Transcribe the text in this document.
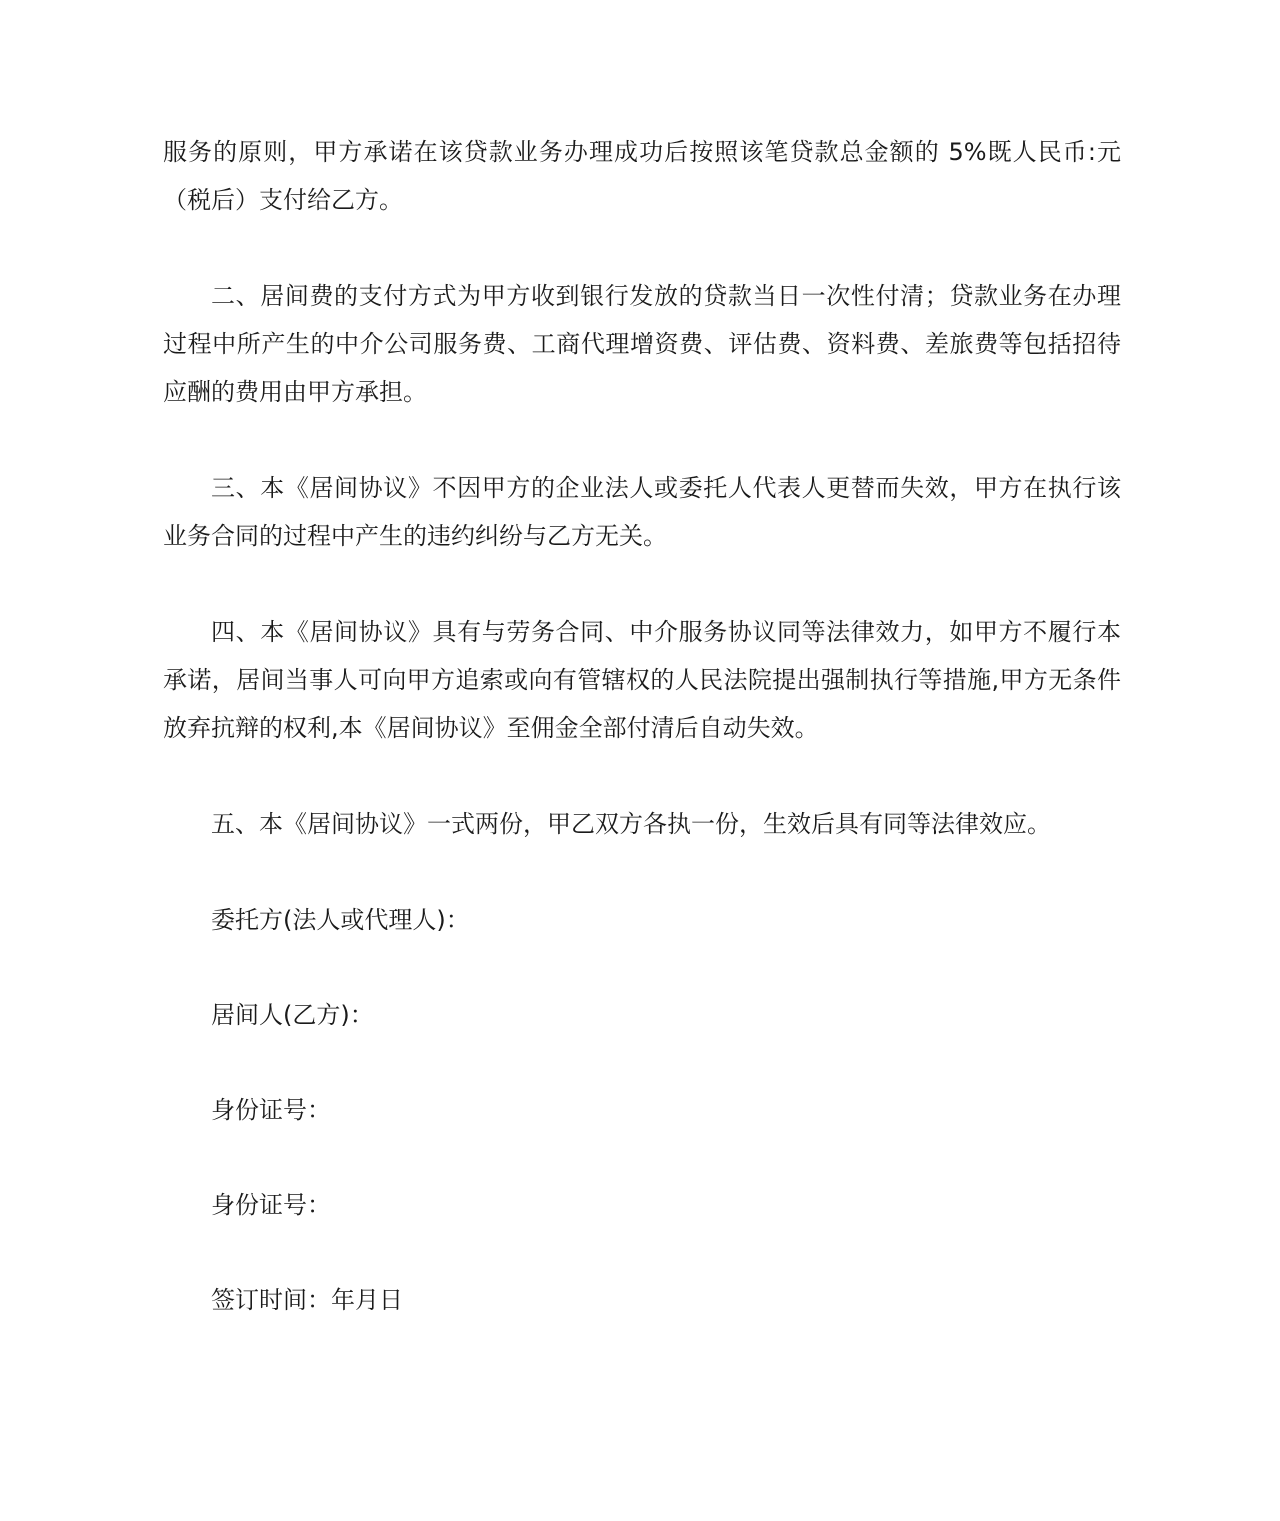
服务的原则，甲方承诺在该贷款业务办理成功后按照该笔贷款总金额的 5%既人民币:元（税后）支付给乙方。

二、居间费的支付方式为甲方收到银行发放的贷款当日一次性付清；贷款业务在办理过程中所产生的中介公司服务费、工商代理增资费、评估费、资料费、差旅费等包括招待应酬的费用由甲方承担。

三、本《居间协议》不因甲方的企业法人或委托人代表人更替而失效，甲方在执行该业务合同的过程中产生的违约纠纷与乙方无关。

四、本《居间协议》具有与劳务合同、中介服务协议同等法律效力，如甲方不履行本承诺，居间当事人可向甲方追索或向有管辖权的人民法院提出强制执行等措施,甲方无条件放弃抗辩的权利,本《居间协议》至佣金全部付清后自动失效。

五、本《居间协议》一式两份，甲乙双方各执一份，生效后具有同等法律效应。

委托方(法人或代理人)：

居间人(乙方)：

身份证号：

身份证号：

签订时间：年月日
